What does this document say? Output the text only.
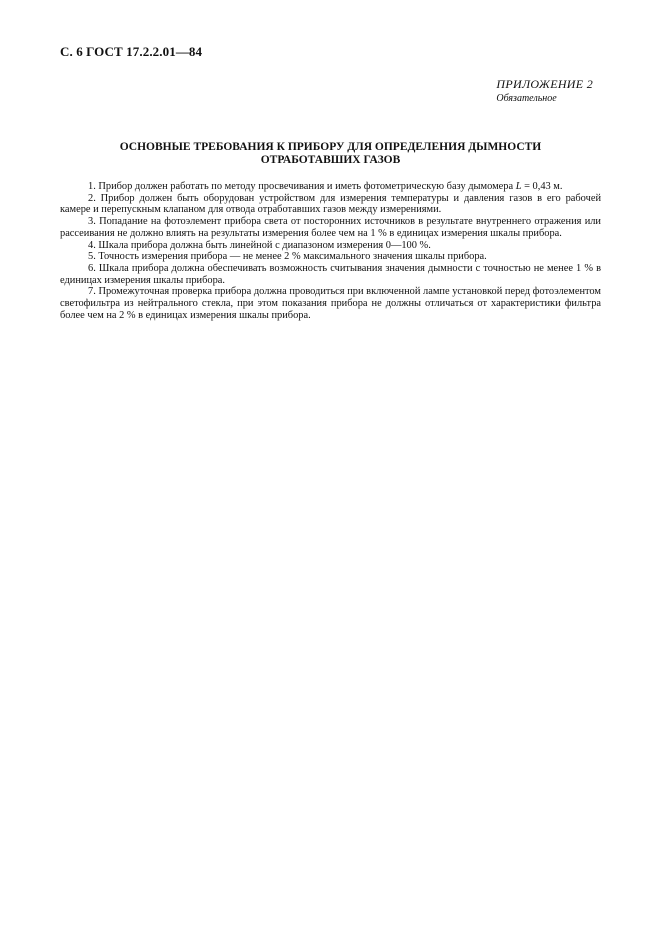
С. 6 ГОСТ 17.2.2.01—84
ПРИЛОЖЕНИЕ 2
Обязательное
ОСНОВНЫЕ ТРЕБОВАНИЯ К ПРИБОРУ ДЛЯ ОПРЕДЕЛЕНИЯ ДЫМНОСТИ
ОТРАБОТАВШИХ ГАЗОВ

1. Прибор должен работать по методу просвечивания и иметь фотометрическую базу дымомера L = 0,43 м.

2. Прибор должен быть оборудован устройством для измерения температуры и давления газов в его рабочей камере и перепускным клапаном для отвода отработавших газов между измерениями.

3. Попадание на фотоэлемент прибора света от посторонних источников в результате внутреннего отражения или рассеивания не должно влиять на результаты измерения более чем на 1 % в единицах измерения шкалы прибора.

4. Шкала прибора должна быть линейной с диапазоном измерения 0—100 %.

5. Точность измерения прибора — не менее 2 % максимального значения шкалы прибора.

6. Шкала прибора должна обеспечивать возможность считывания значения дымности с точностью не менее 1 % в единицах измерения шкалы прибора.

7. Промежуточная проверка прибора должна проводиться при включенной лампе установкой перед фотоэлементом светофильтра из нейтрального стекла, при этом показания прибора не должны отличаться от характеристики фильтра более чем на 2 % в единицах измерения шкалы прибора.
